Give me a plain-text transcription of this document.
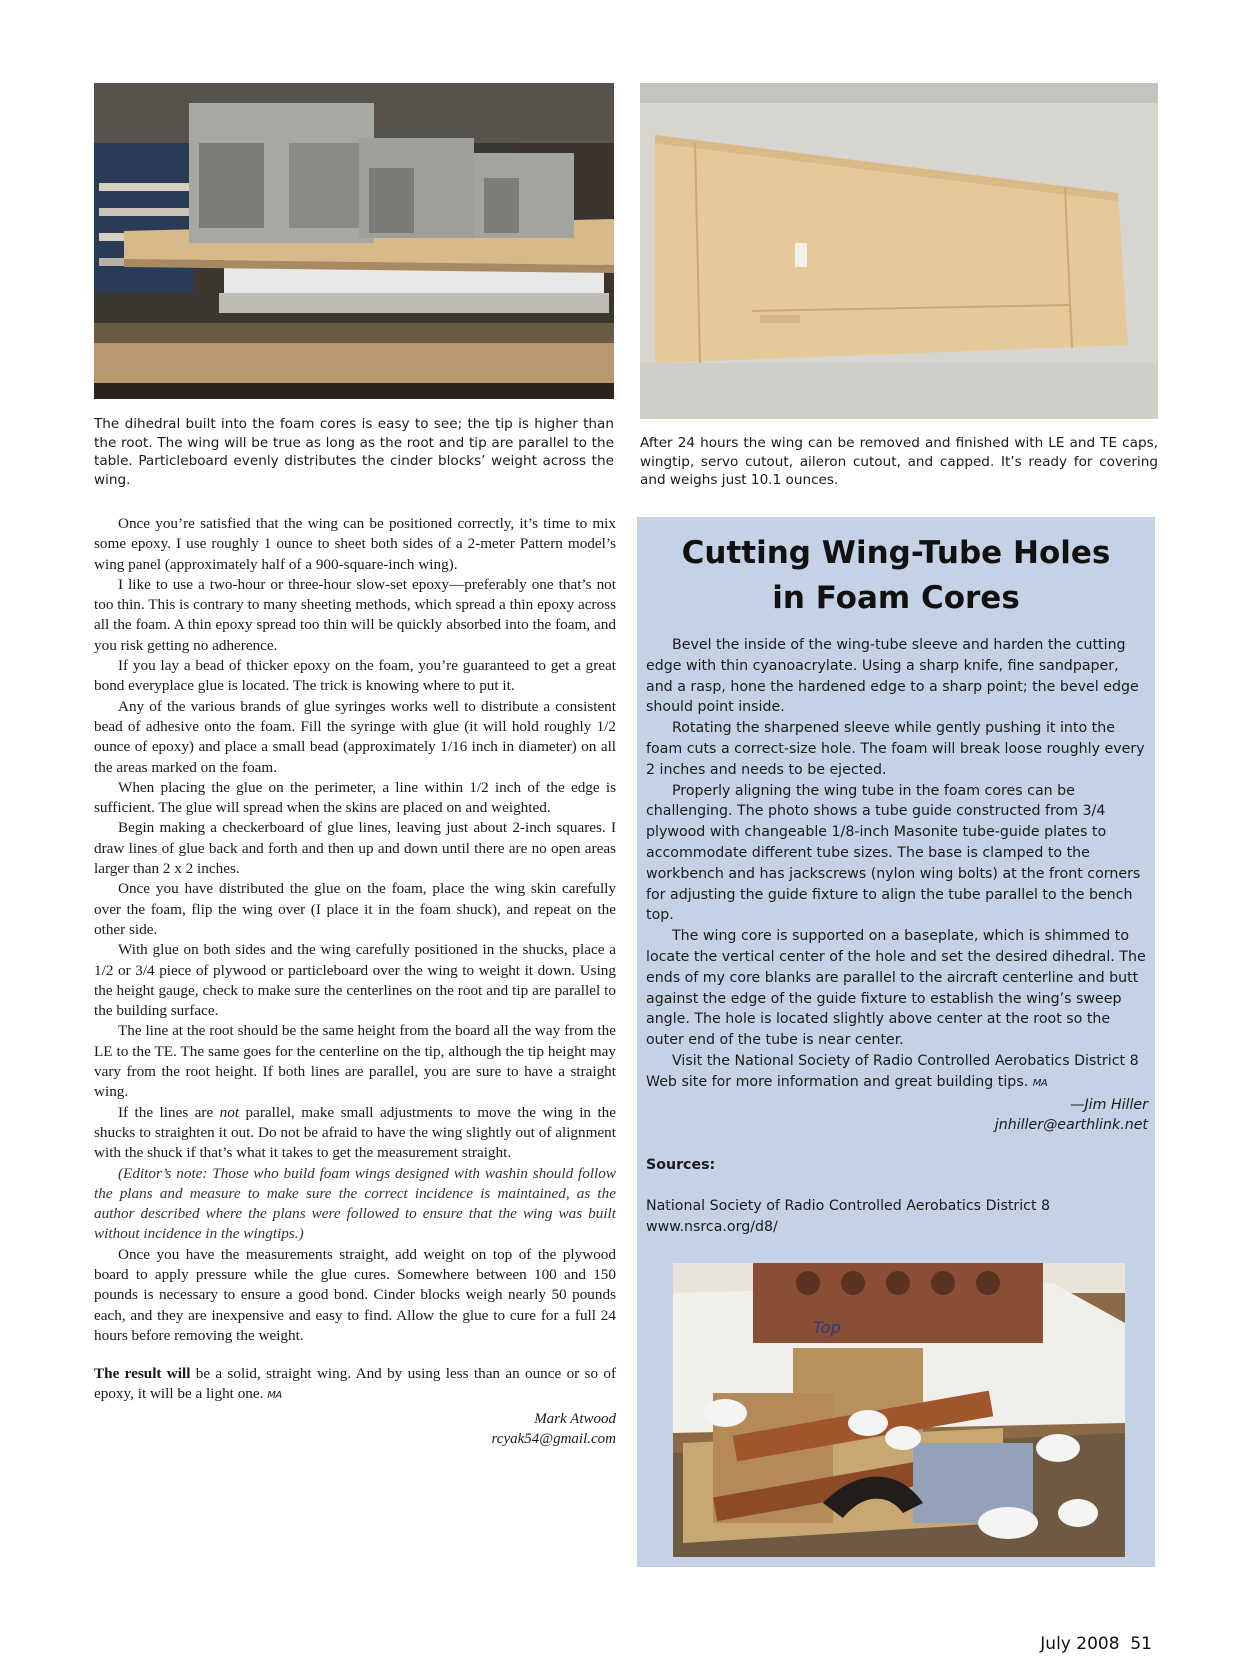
The dihedral built into the foam cores is easy to see; the tip is higher than the root. The wing will be true as long as the root and tip are parallel to the table. Particleboard evenly distributes the cinder blocks’ weight across the wing.
After 24 hours the wing can be removed and finished with LE and TE caps, wingtip, servo cutout, aileron cutout, and capped. It’s ready for covering and weighs just 10.1 ounces.

Once you’re satisfied that the wing can be positioned correctly, it’s time to mix some epoxy. I use roughly 1 ounce to sheet both sides of a 2-meter Pattern model’s wing panel (approximately half of a 900-square-inch wing).

I like to use a two-hour or three-hour slow-set epoxy—preferably one that’s not too thin. This is contrary to many sheeting methods, which spread a thin epoxy across all the foam. A thin epoxy spread too thin will be quickly absorbed into the foam, and you risk getting no adherence.

If you lay a bead of thicker epoxy on the foam, you’re guaranteed to get a great bond everyplace glue is located. The trick is knowing where to put it.

Any of the various brands of glue syringes works well to distribute a consistent bead of adhesive onto the foam. Fill the syringe with glue (it will hold roughly 1/2 ounce of epoxy) and place a small bead (approximately 1/16 inch in diameter) on all the areas marked on the foam.

When placing the glue on the perimeter, a line within 1/2 inch of the edge is sufficient. The glue will spread when the skins are placed on and weighted.

Begin making a checkerboard of glue lines, leaving just about 2-inch squares. I draw lines of glue back and forth and then up and down until there are no open areas larger than 2 x 2 inches.

Once you have distributed the glue on the foam, place the wing skin carefully over the foam, flip the wing over (I place it in the foam shuck), and repeat on the other side.

With glue on both sides and the wing carefully positioned in the shucks, place a 1/2 or 3/4 piece of plywood or particleboard over the wing to weight it down. Using the height gauge, check to make sure the centerlines on the root and tip are parallel to the building surface.

The line at the root should be the same height from the board all the way from the LE to the TE. The same goes for the centerline on the tip, although the tip height may vary from the root height. If both lines are parallel, you are sure to have a straight wing.

If the lines are not parallel, make small adjustments to move the wing in the shucks to straighten it out. Do not be afraid to have the wing slightly out of alignment with the shuck if that’s what it takes to get the measurement straight.

(Editor’s note: Those who build foam wings designed with washin should follow the plans and measure to make sure the correct incidence is maintained, as the author described where the plans were followed to ensure that the wing was built without incidence in the wingtips.)

Once you have the measurements straight, add weight on top of the plywood board to apply pressure while the glue cures. Somewhere between 100 and 150 pounds is necessary to ensure a good bond. Cinder blocks weigh nearly 50 pounds each, and they are inexpensive and easy to find. Allow the glue to cure for a full 24 hours before removing the weight.

The result will be a solid, straight wing. And by using less than an ounce or so of epoxy, it will be a light one. MA

Mark Atwood
rcyak54@gmail.com
Cutting Wing-Tube Holes
in Foam Cores

Bevel the inside of the wing-tube sleeve and harden the cutting edge with thin cyanoacrylate. Using a sharp knife, fine sandpaper, and a rasp, hone the hardened edge to a sharp point; the bevel edge should point inside.

Rotating the sharpened sleeve while gently pushing it into the foam cuts a correct-size hole. The foam will break loose roughly every 2 inches and needs to be ejected.

Properly aligning the wing tube in the foam cores can be challenging. The photo shows a tube guide constructed from 3/4 plywood with changeable 1/8-inch Masonite tube-guide plates to accommodate different tube sizes. The base is clamped to the workbench and has jackscrews (nylon wing bolts) at the front corners for adjusting the guide fixture to align the tube parallel to the bench top.

The wing core is supported on a baseplate, which is shimmed to locate the vertical center of the hole and set the desired dihedral. The ends of my core blanks are parallel to the aircraft centerline and butt against the edge of the guide fixture to establish the wing’s sweep angle. The hole is located slightly above center at the root so the outer end of the tube is near center.

Visit the National Society of Radio Controlled Aerobatics District 8 Web site for more information and great building tips. MA

—Jim Hiller

jnhiller@earthlink.net

Sources:
National Society of Radio Controlled Aerobatics District 8
www.nsrca.org/d8/
Top
July 2008 51
